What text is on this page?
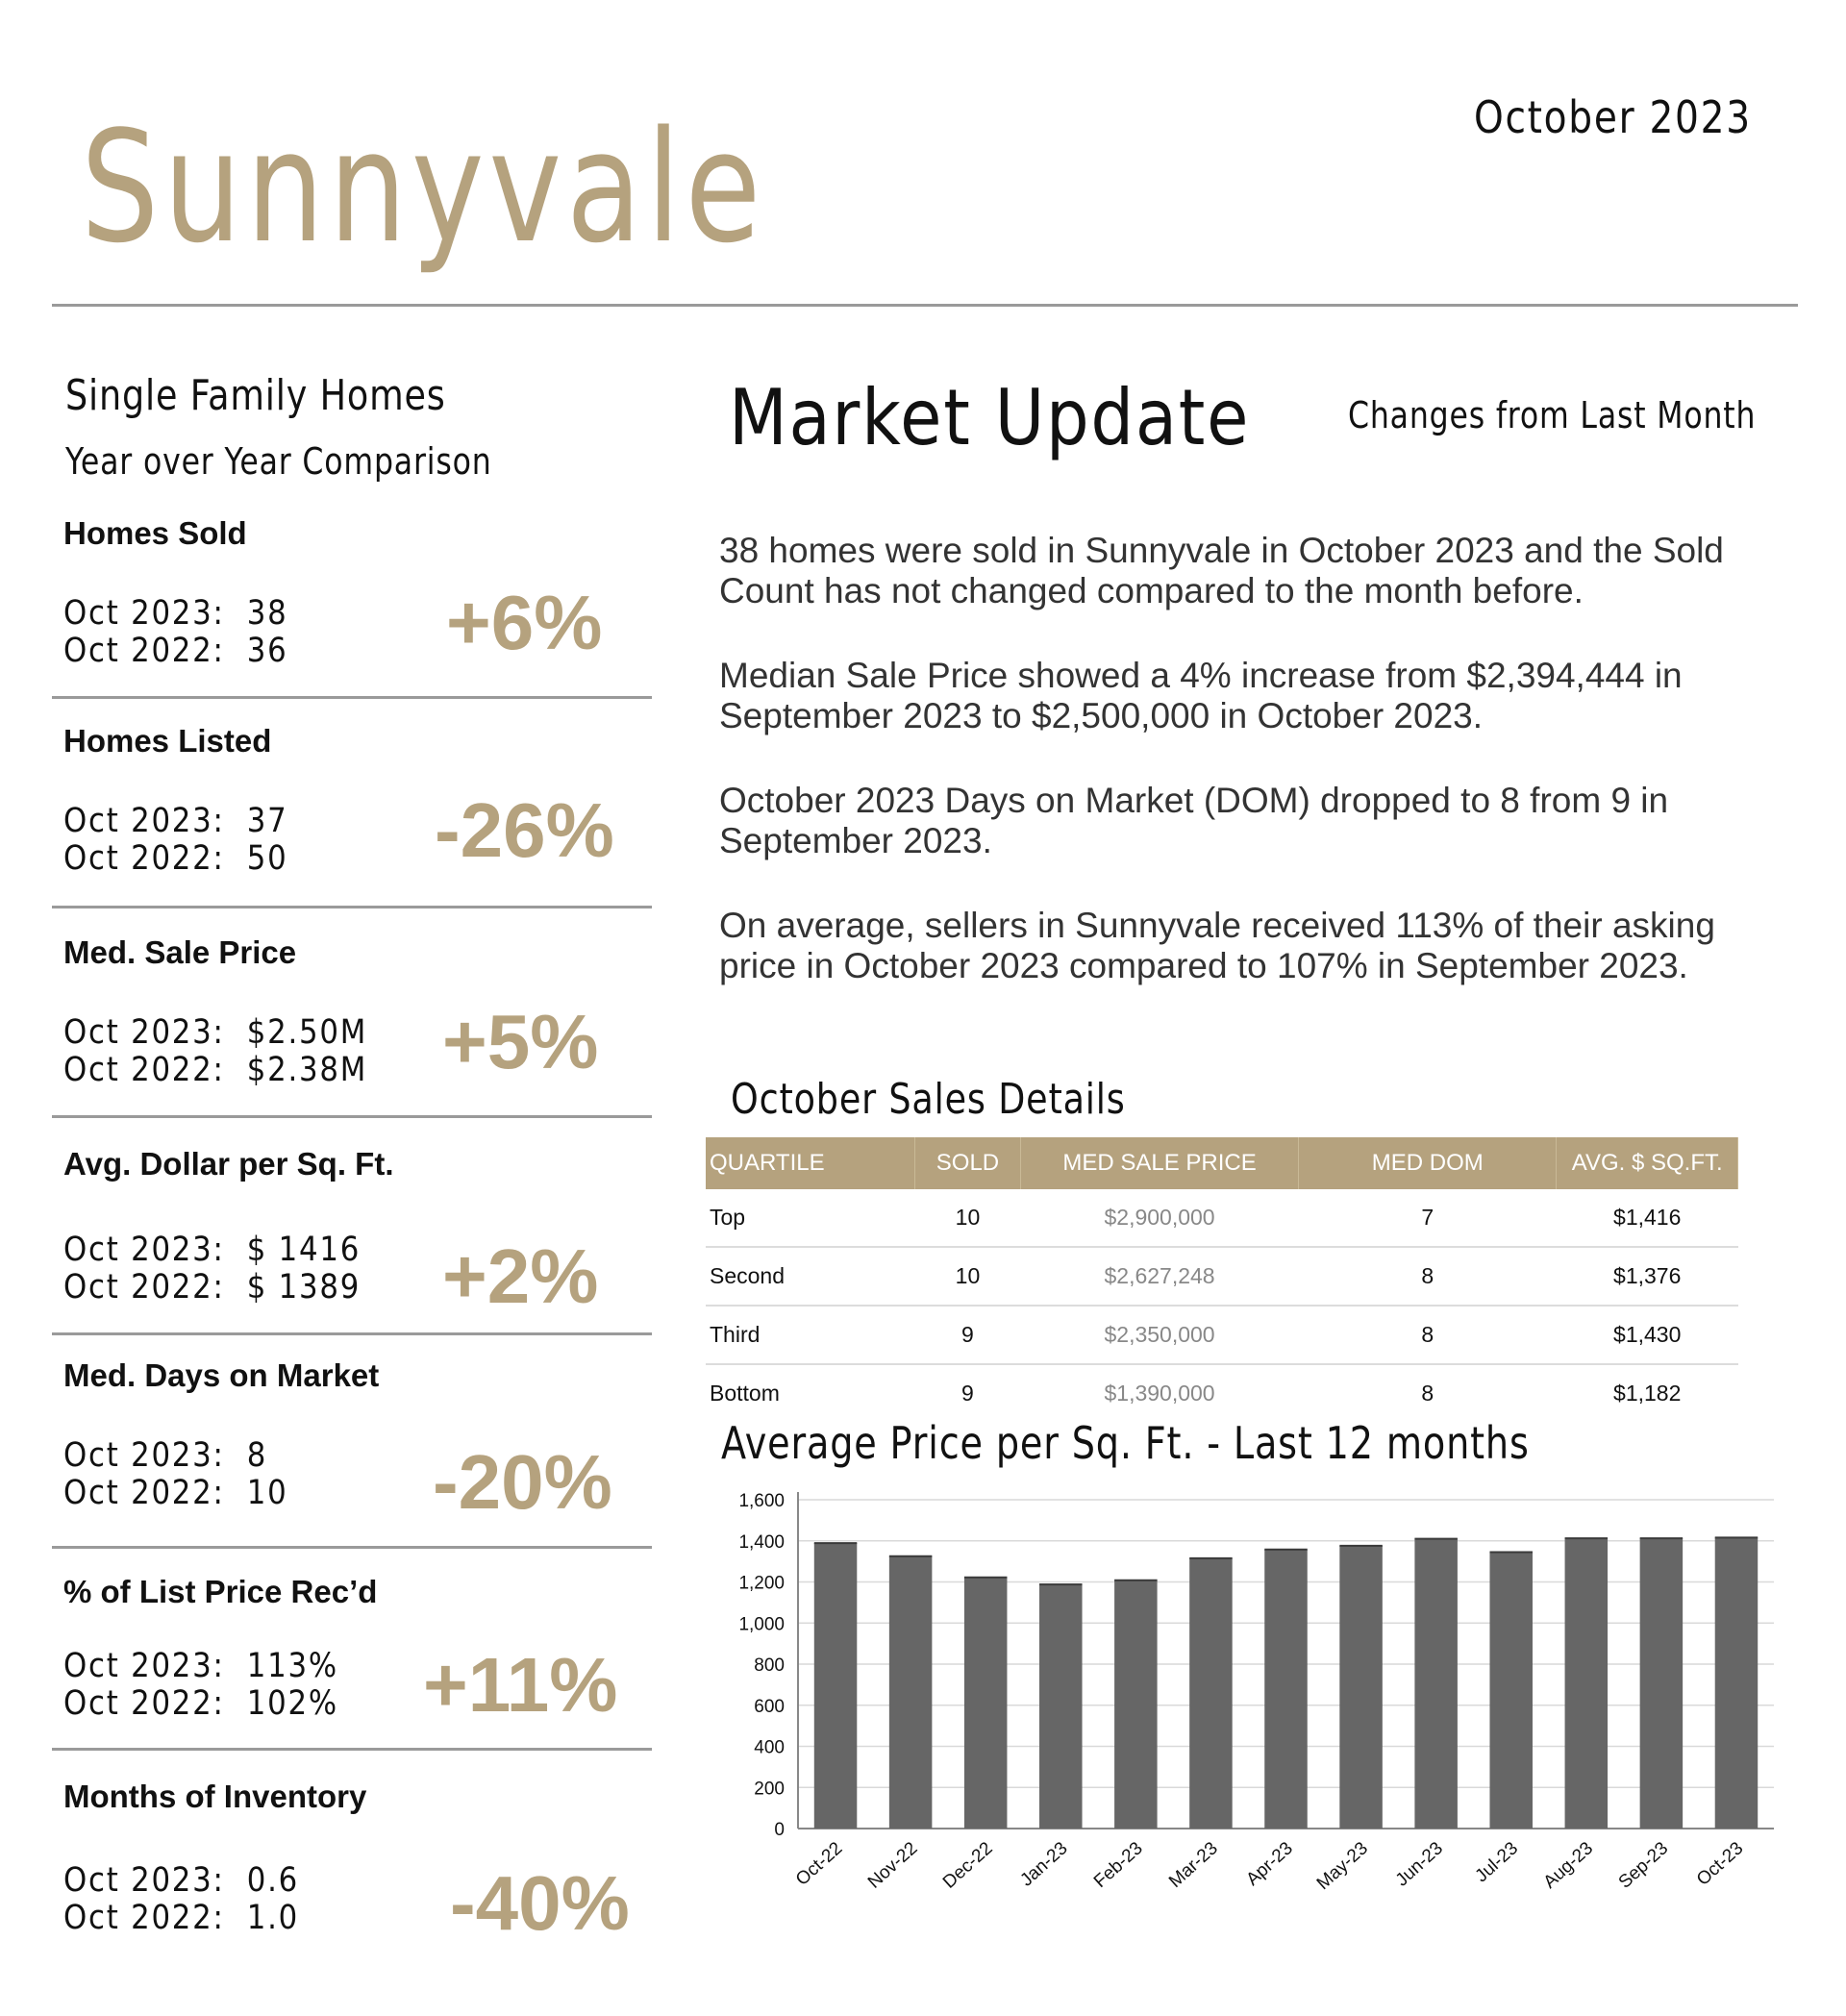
Sunnyvale	October 2023
Single Family Homes
Year over Year Comparison
Homes Sold
Oct 2023:  38
Oct 2022:  36 +6%
Homes Listed
Oct 2023:  37
Oct 2022:  50 -26%
Med. Sale Price
Oct 2023:  $2.50M
Oct 2022:  $2.38M +5%
Avg. Dollar per Sq. Ft.
Oct 2023:  $ 1416
Oct 2022:  $ 1389 +2%
Med. Days on Market
Oct 2023:  8
Oct 2022:  10 -20%
% of List Price Rec’d
Oct 2023:  113%
Oct 2022:  102% +11%
Months of Inventory
Oct 2023:  0.6
Oct 2022:  1.0 -40%
Market Update	Changes from Last Month
38 homes were sold in Sunnyvale in October 2023 and the Sold Count has not changed compared to the month before.
Median Sale Price showed a 4% increase from $2,394,444 in September 2023 to $2,500,000 in October 2023.
October 2023 Days on Market (DOM) dropped to 8 from 9 in September 2023.
On average, sellers in Sunnyvale received 113% of their asking price in October 2023 compared to 107% in September 2023.
October Sales Details
QUARTILE	SOLD	MED SALE PRICE	MED DOM	AVG. $ SQ.FT.
Top	10	$2,900,000	7	$1,416
Second	10	$2,627,248	8	$1,376
Third	9	$2,350,000	8	$1,430
Bottom	9	$1,390,000	8	$1,182
Average Price per Sq. Ft. - Last 12 months
0
200
400
600
800
1,000
1,200
1,400
1,600
Oct-22 Nov-22 Dec-22 Jan-23 Feb-23 Mar-23 Apr-23 May-23 Jun-23 Jul-23 Aug-23 Sep-23 Oct-23
